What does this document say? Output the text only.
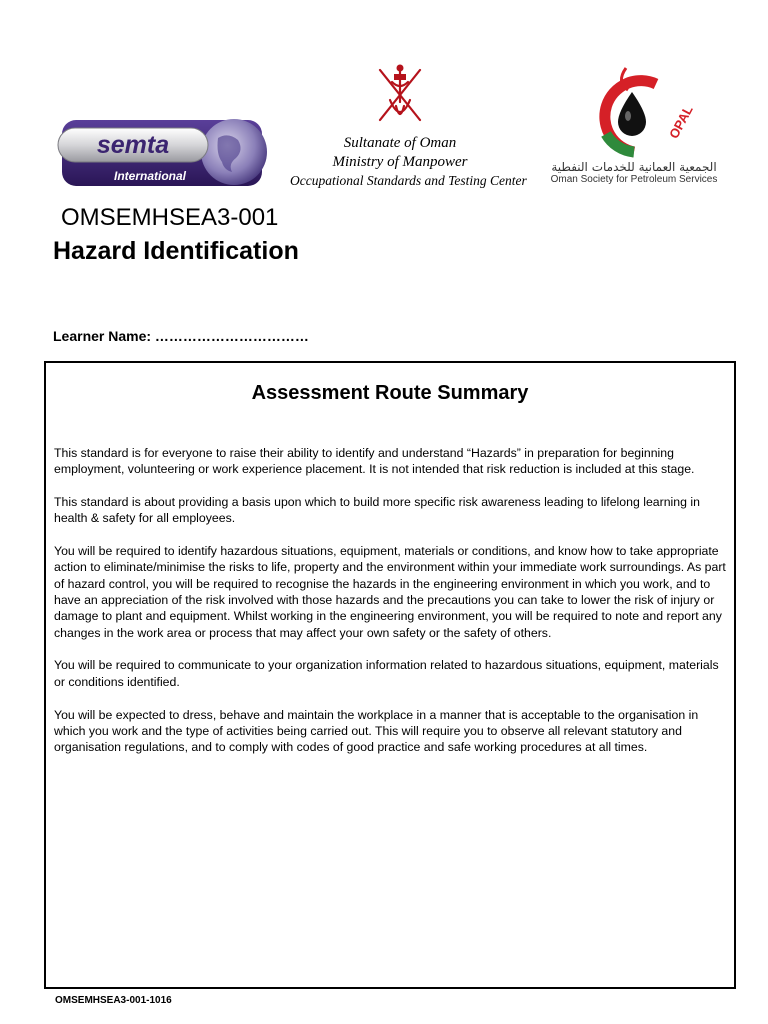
semta
International
Sultanate of Oman
Ministry of Manpower
Occupational Standards and Testing Center
OPAL
الجمعية العمانية للخدمات النفطية
Oman Society for Petroleum Services
OMSEMHSEA3-001
Hazard Identification
Learner Name: ……………………………
Assessment Route Summary

This standard is for everyone to raise their ability to identify and understand “Hazards” in preparation for beginning employment, volunteering or work experience placement. It is not intended that risk reduction is included at this stage.

This standard is about providing a basis upon which to build more specific risk awareness leading to lifelong learning in health & safety for all employees.

You will be required to identify hazardous situations, equipment, materials or conditions, and know how to take appropriate action to eliminate/minimise the risks to life, property and the environment within your immediate work surroundings. As part of hazard control, you will be required to recognise the hazards in the engineering environment in which you work, and to have an appreciation of the risk involved with those hazards and the precautions you can take to lower the risk of injury or damage to plant and equipment. Whilst working in the engineering environment, you will be required to note and report any changes in the work area or process that may affect your own safety or the safety of others.

You will be required to communicate to your organization information related to hazardous situations, equipment, materials or conditions identified.

You will be expected to dress, behave and maintain the workplace in a manner that is acceptable to the organisation in which you work and the type of activities being carried out. This will require you to observe all relevant statutory and organisation regulations, and to comply with codes of good practice and safe working procedures at all times.

OMSEMHSEA3-001-1016
